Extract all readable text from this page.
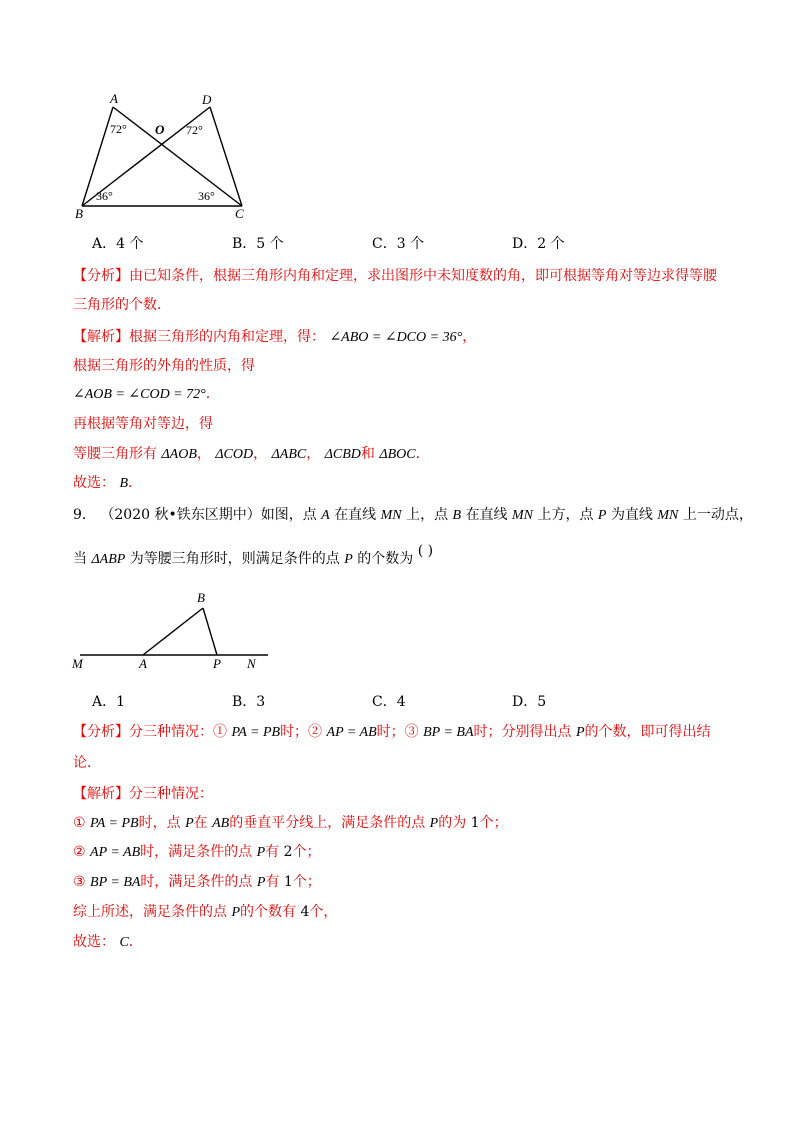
A	D
O
B	C
72°	72°
36°	36°
A．4 个	B．5 个	C．3 个	D．2 个
【分析】由已知条件，根据三角形内角和定理，求出图形中未知度数的角，即可根据等角对等边求得等腰
三角形的个数．
【解析】根据三角形的内角和定理，得： ∠ABO = ∠DCO = 36°，
根据三角形的外角的性质，得
∠AOB = ∠COD = 72°．
再根据等角对等边，得
等腰三角形有 ΔAOB， ΔCOD， ΔABC， ΔCBD和 ΔBOC．
故选： B．
9． （2020 秋•铁东区期中）如图，点 A 在直线 MN 上，点 B 在直线 MN 上方，点 P 为直线 MN 上一动点，
当 ΔABP 为等腰三角形时，则满足条件的点 P 的个数为 ( )
B
M	A	P N
A．1	B．3	C．4	D．5
【分析】分三种情况：① PA = PB时；② AP = AB时；③ BP = BA时；分别得出点 P的个数，即可得出结
论．
【解析】分三种情况：
① PA = PB时，点 P在 AB的垂直平分线上，满足条件的点 P的为 1个；
② AP = AB时，满足条件的点 P有 2个；
③ BP = BA时，满足条件的点 P有 1个；
综上所述，满足条件的点 P的个数有 4个，
故选： C．
